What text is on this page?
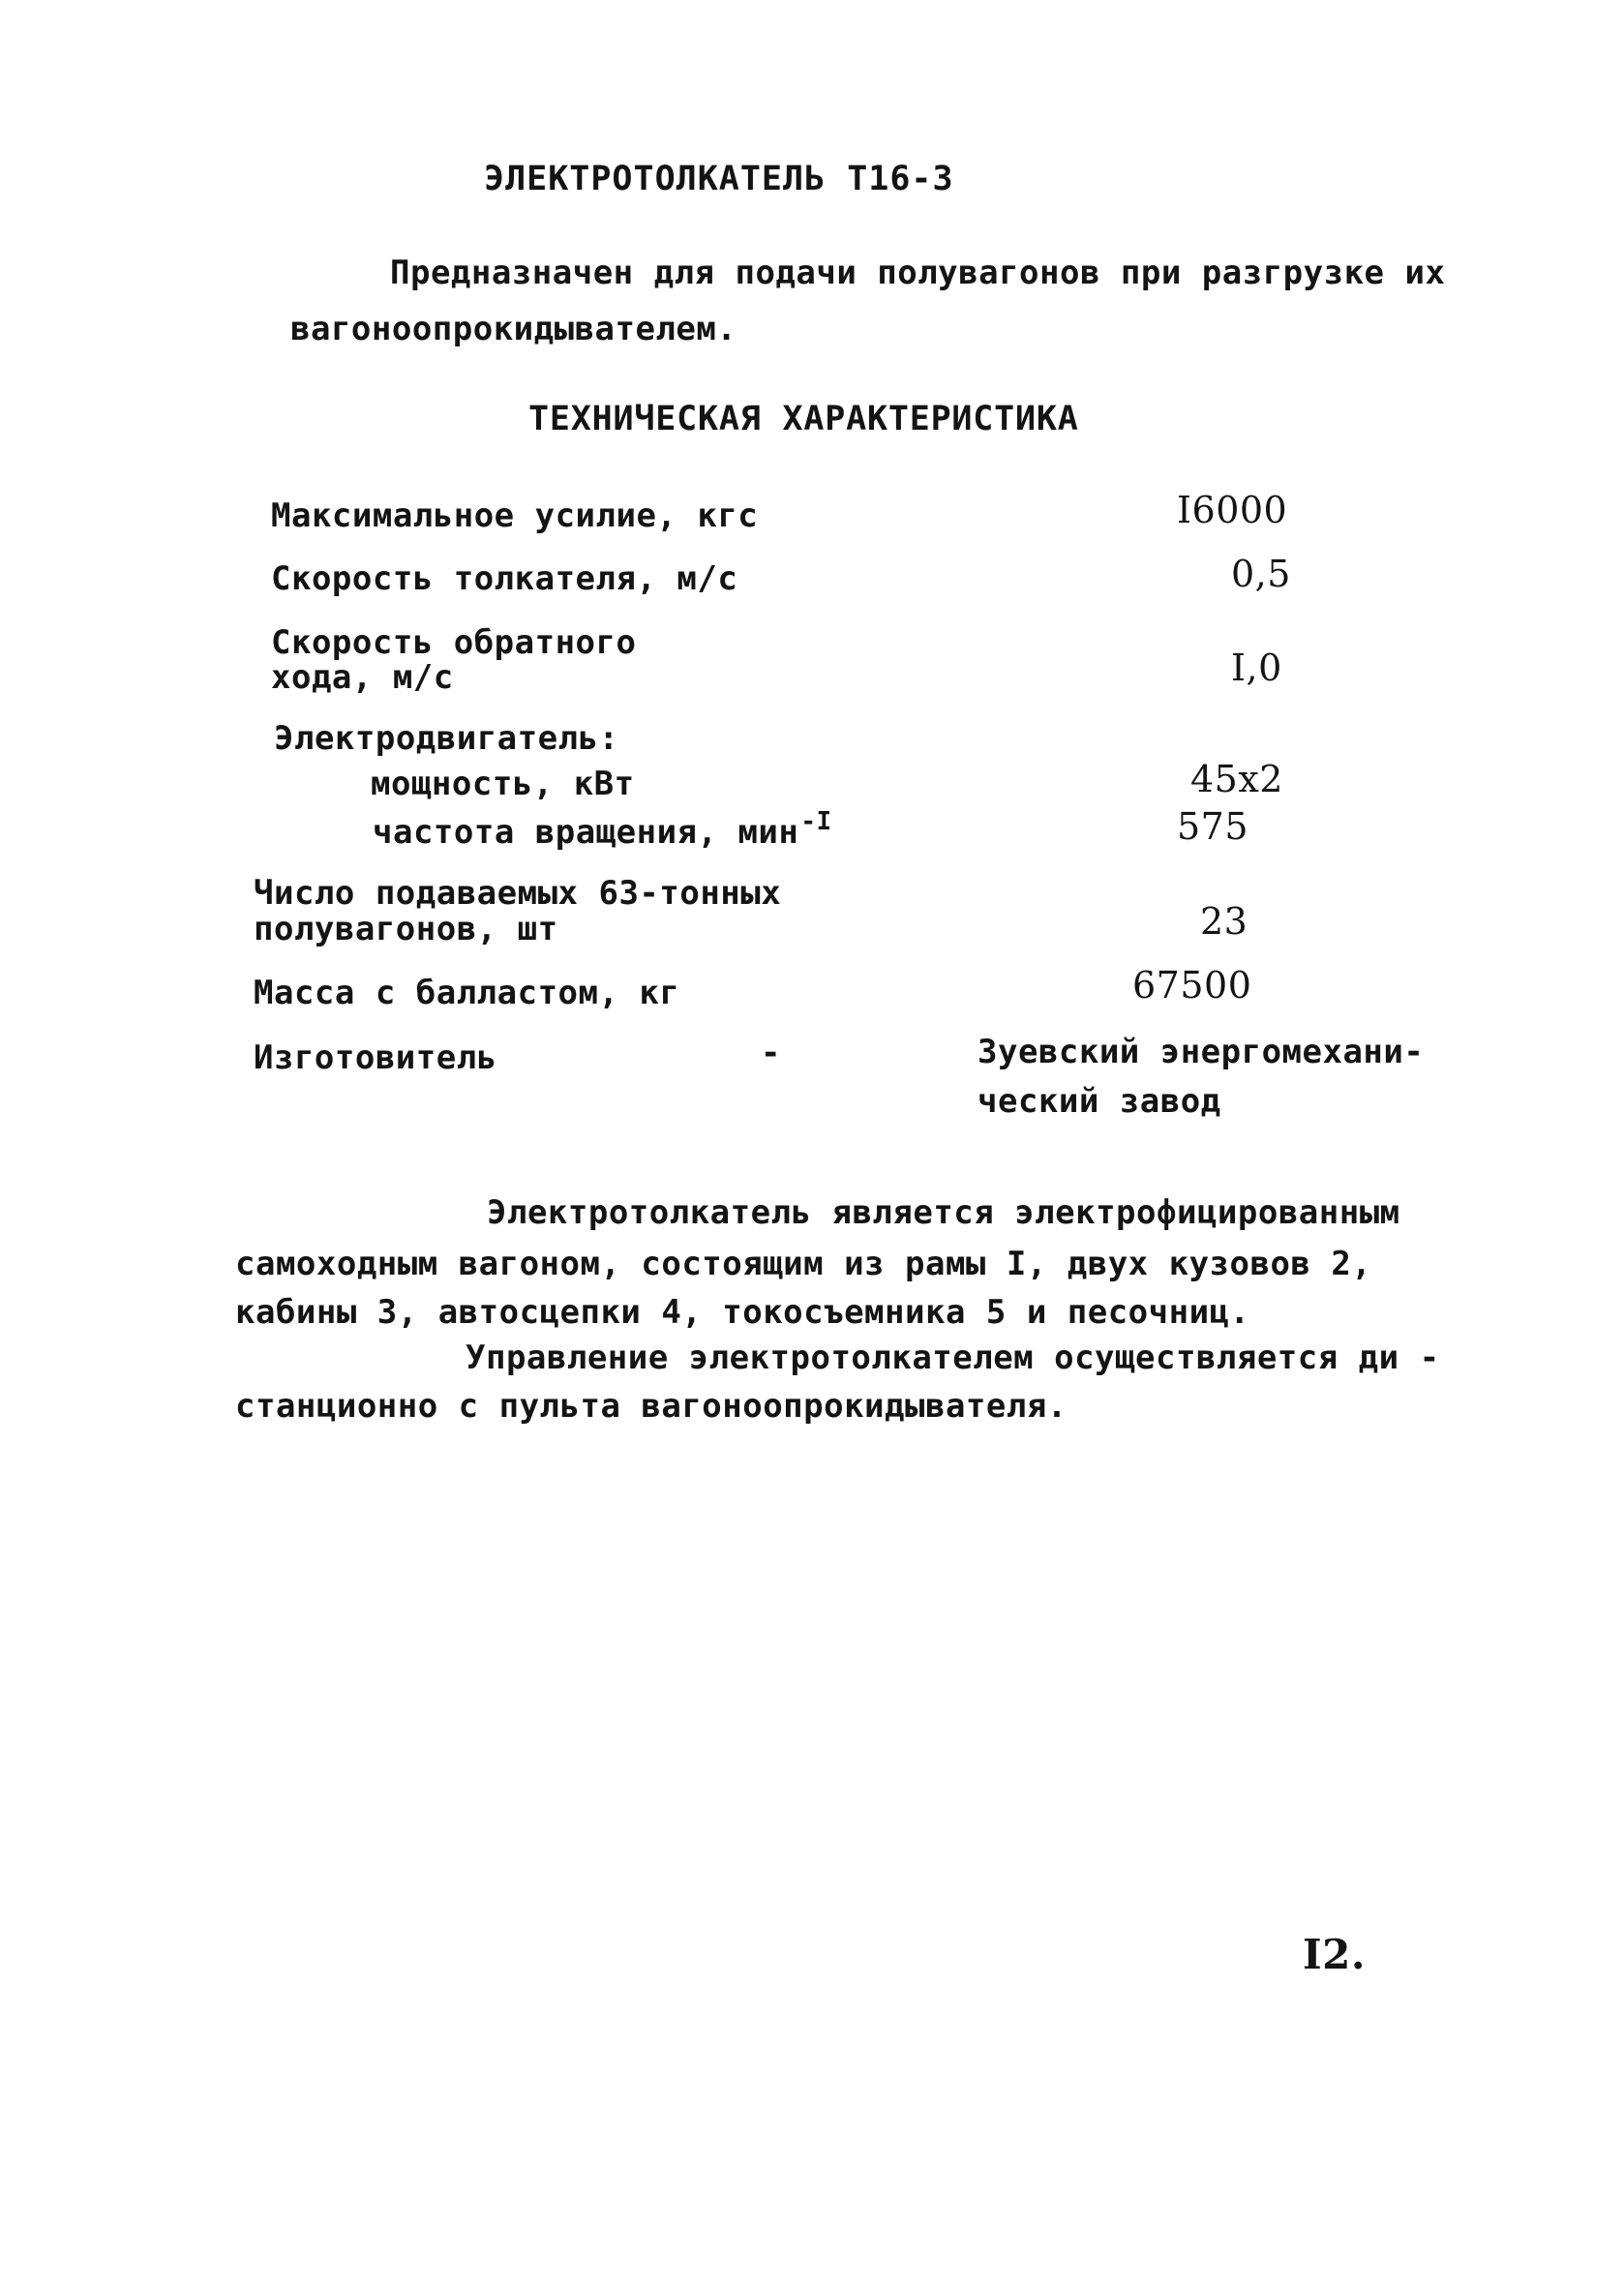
ЭЛЕКТРОТОЛКАТЕЛЬ Т16-3
Предназначен для подачи полувагонов при разгрузке их
вагоноопрокидывателем.
ТЕХНИЧЕСКАЯ ХАРАКТЕРИСТИКА
Максимальное усилие, кгс	I6000
Скорость толкателя, м/с	0,5
Скорость обратного
хода, м/с	I,0
Электродвигатель:
мощность, кВт	45x2
частота вращения, мин$^{-I}$	575
Число подаваемых 63-тонных
полувагонов, шт	23
Масса с балластом, кг	67500
Изготовитель	-	Зуевский энергомехани-
ческий завод
Электротолкатель является электрофицированным
самоходным вагоном, состоящим из рамы I, двух кузовов 2,
кабины 3, автосцепки 4, токосъемника 5 и песочниц.
Управление электротолкателем осуществляется ди -
станционно с пульта вагоноопрокидывателя.
I2.
